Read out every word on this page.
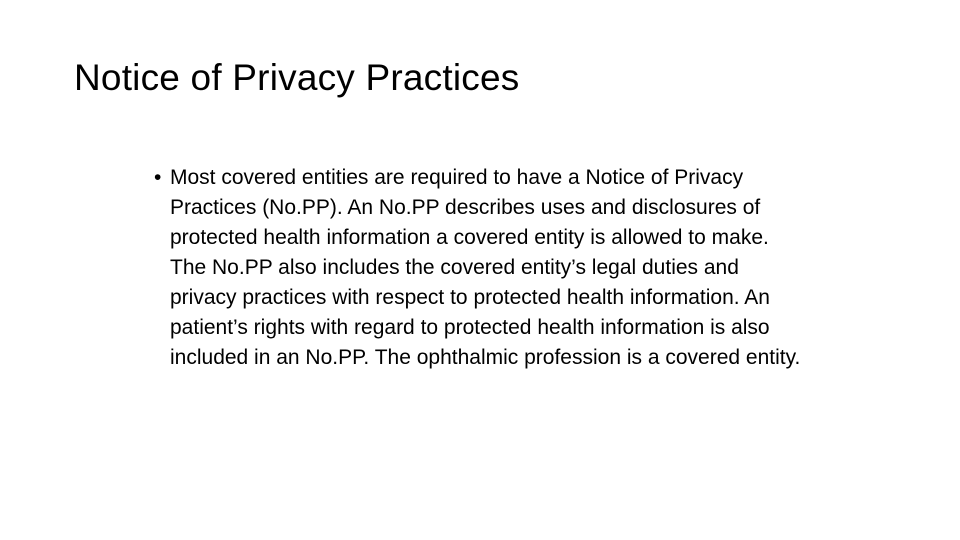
Notice of Privacy Practices
• Most covered entities are required to have a Notice of Privacy Practices (No.PP). An No.PP describes uses and disclosures of protected health information a covered entity is allowed to make. The No.PP also includes the covered entity’s legal duties and privacy practices with respect to protected health information. An patient’s rights with regard to protected health information is also included in an No.PP. The ophthalmic profession is a covered entity.
